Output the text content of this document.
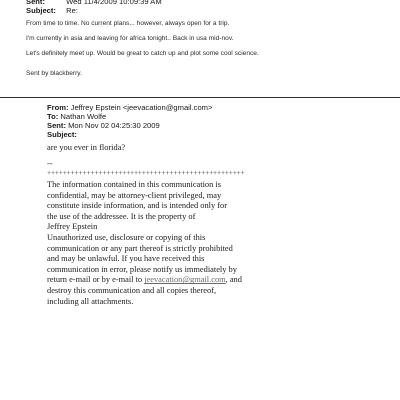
Sent:	Wed 11/4/2009 10:09:39 AM
Subject: Re:
From time to time. No current plans... however, always open for a trip.
I'm currently in asia and leaving for africa tonight.. Back in usa mid-nov.
Let's definitely meet up. Would be great to catch up and plot some cool science.
Sent by blackberry.
From: Jeffrey Epstein <jeevacation@gmail.com>
To: Nathan Wolfe
Sent: Mon Nov 02 04:25:30 2009
Subject:
are you ever in florida?
--
++++++++++++++++++++++++++++++++++++++++++++++++++
The information contained in this communication is
confidential, may be attorney-client privileged, may
constitute inside information, and is intended only for
the use of the addressee. It is the property of
Jeffrey Epstein
Unauthorized use, disclosure or copying of this
communication or any part thereof is strictly prohibited
and may be unlawful. If you have received this
communication in error, please notify us immediately by
return e-mail or by e-mail to jeevacation@gmail.com, and
destroy this communication and all copies thereof,
including all attachments.
